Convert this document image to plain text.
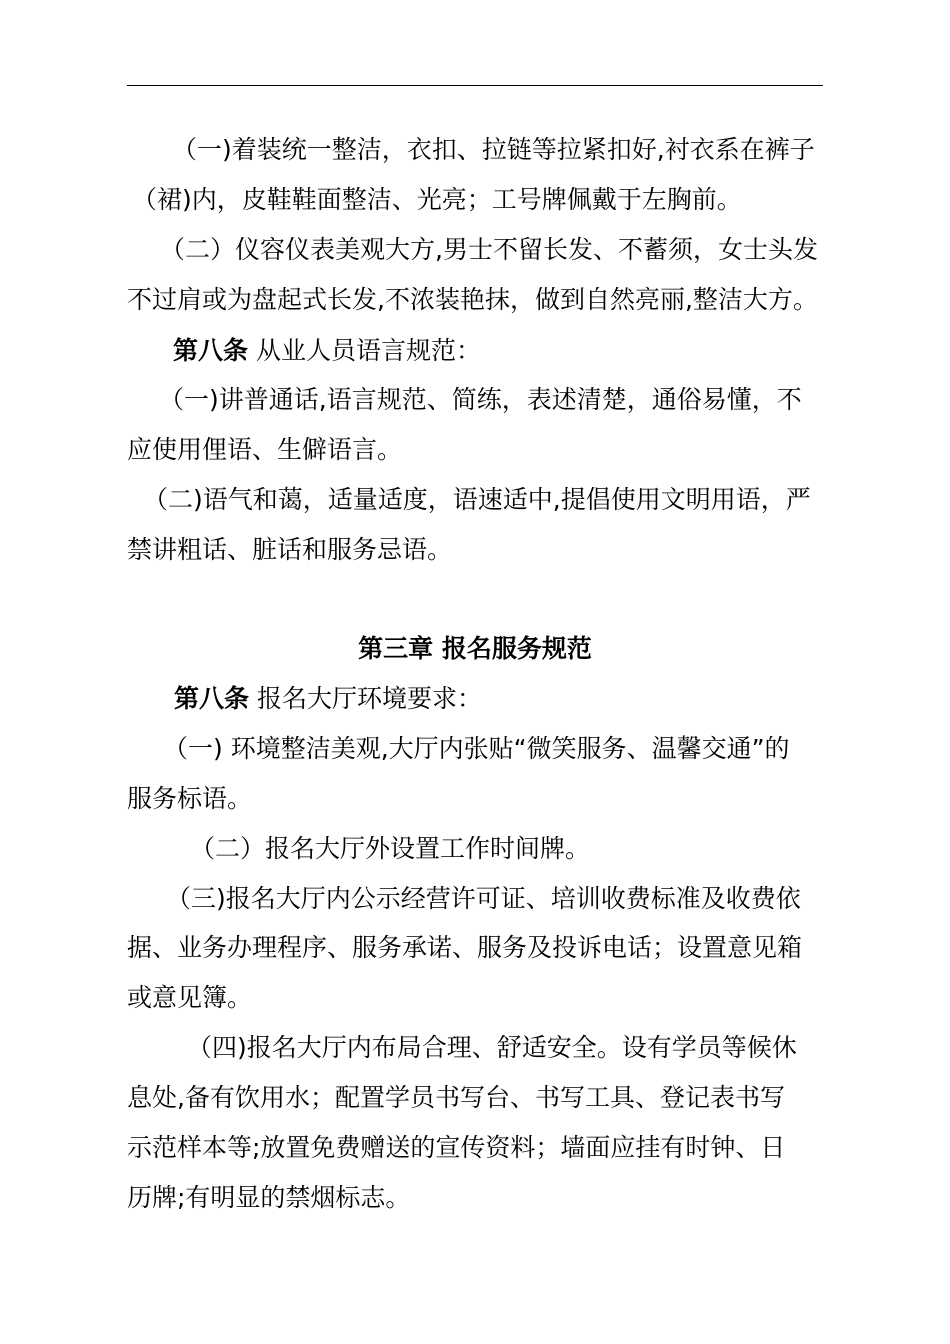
（一)着装统一整洁，衣扣、拉链等拉紧扣好,衬衣系在裤子
（裙)内，皮鞋鞋面整洁、光亮；工号牌佩戴于左胸前。
（二）仪容仪表美观大方,男士不留长发、不蓄须，女士头发
不过肩或为盘起式长发,不浓装艳抹，做到自然亮丽,整洁大方。
第八条 从业人员语言规范：
（一)讲普通话,语言规范、简练，表述清楚，通俗易懂，不
应使用俚语、生僻语言。
（二)语气和蔼，适量适度，语速适中,提倡使用文明用语，严
禁讲粗话、脏话和服务忌语。
第三章 报名服务规范
第八条 报名大厅环境要求：
（一) 环境整洁美观,大厅内张贴“微笑服务、温馨交通”的
服务标语。
（二）报名大厅外设置工作时间牌。
（三)报名大厅内公示经营许可证、培训收费标准及收费依
据、业务办理程序、服务承诺、服务及投诉电话；设置意见箱
或意见簿。
（四)报名大厅内布局合理、舒适安全。设有学员等候休
息处,备有饮用水；配置学员书写台、书写工具、登记表书写
示范样本等;放置免费赠送的宣传资料；墙面应挂有时钟、日
历牌;有明显的禁烟标志。
